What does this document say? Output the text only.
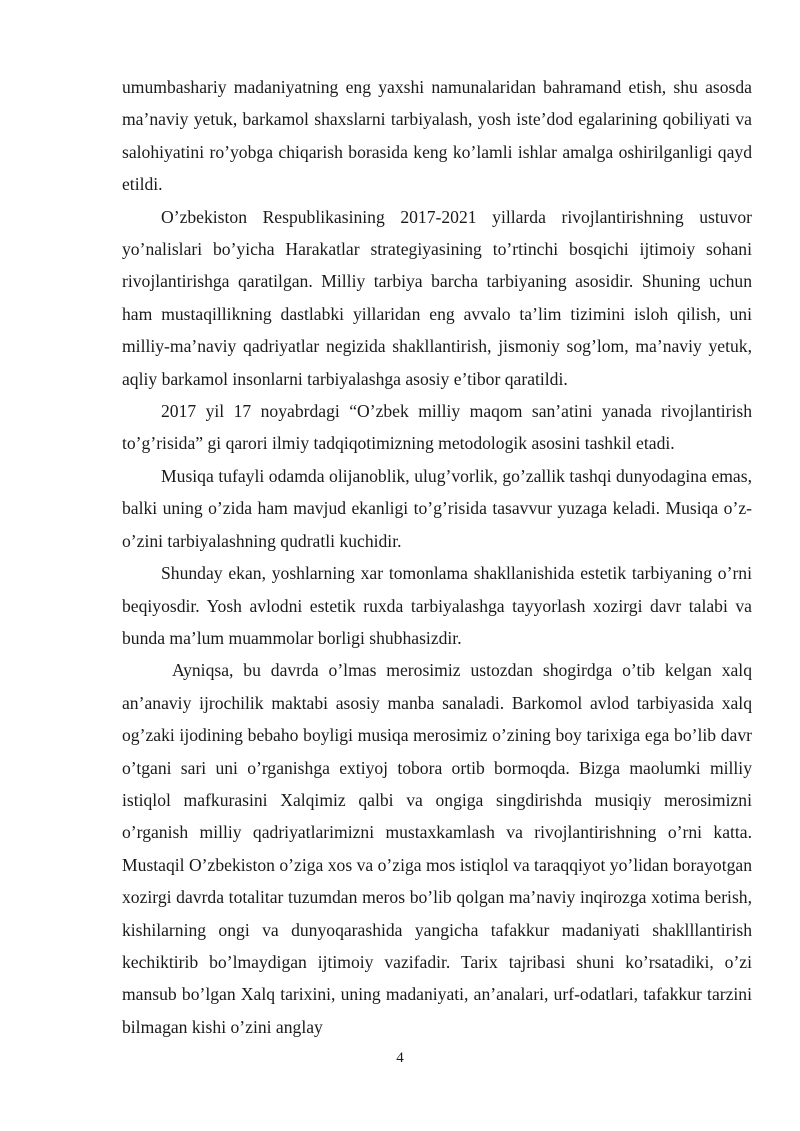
umumbashariy madaniyatning eng yaxshi namunalaridan bahramand etish, shu asosda ma’naviy yetuk, barkamol shaxslarni tarbiyalash, yosh iste’dod egalarining qobiliyati va salohiyatini ro’yobga chiqarish borasida keng ko’lamli ishlar amalga oshirilganligi qayd etildi.

O’zbekiston Respublikasining 2017-2021 yillarda rivojlantirishning ustuvor yo’nalislari bo’yicha Harakatlar strategiyasining to’rtinchi bosqichi ijtimoiy sohani rivojlantirishga qaratilgan. Milliy tarbiya barcha tarbiyaning asosidir. Shuning uchun ham mustaqillikning dastlabki yillaridan eng avvalo ta’lim tizimini isloh qilish, uni milliy-ma’naviy qadriyatlar negizida shakllantirish, jismoniy sog’lom, ma’naviy yetuk, aqliy barkamol insonlarni tarbiyalashga asosiy e’tibor qaratildi.

2017 yil 17 noyabrdagi “O’zbek milliy maqom san’atini yanada rivojlantirish to’g’risida” gi qarori ilmiy tadqiqotimizning metodologik asosini tashkil etadi.

Musiqa tufayli odamda olijanoblik, ulug’vorlik, go’zallik tashqi dunyodagina emas, balki uning o’zida ham mavjud ekanligi to’g’risida tasavvur yuzaga keladi. Musiqa o’z-o’zini tarbiyalashning qudratli kuchidir.

Shunday ekan, yoshlarning xar tomonlama shakllanishida estetik tarbiyaning o’rni beqiyosdir. Yosh avlodni estetik ruxda tarbiyalashga tayyorlash xozirgi davr talabi va bunda ma’lum muammolar borligi shubhasizdir.

Ayniqsa, bu davrda o’lmas merosimiz ustozdan shogirdga o’tib kelgan xalq an’anaviy ijrochilik maktabi asosiy manba sanaladi. Barkomol avlod tarbiyasida xalq og’zaki ijodining bebaho boyligi musiqa merosimiz o’zining boy tarixiga ega bo’lib davr o’tgani sari uni o’rganishga extiyoj tobora ortib bormoqda. Bizga maolumki milliy istiqlol mafkurasini Xalqimiz qalbi va ongiga singdirishda musiqiy merosimizni o’rganish milliy qadriyatlarimizni mustaxkamlash va rivojlantirishning o’rni katta. Mustaqil O’zbekiston o’ziga xos va o’ziga mos istiqlol va taraqqiyot yo’lidan borayotgan xozirgi davrda totalitar tuzumdan meros bo’lib qolgan ma’naviy inqirozga xotima berish, kishilarning ongi va dunyoqarashida yangicha tafakkur madaniyati shaklllantirish kechiktirib bo’lmaydigan ijtimoiy vazifadir. Tarix tajribasi shuni ko’rsatadiki, o’zi mansub bo’lgan Xalq tarixini, uning madaniyati, an’analari, urf-odatlari, tafakkur tarzini bilmagan kishi o’zini anglay

4
